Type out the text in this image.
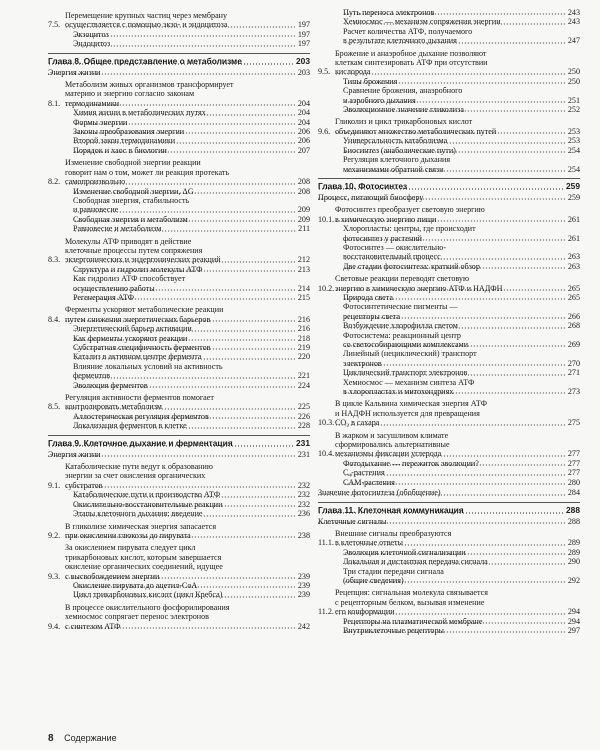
7.5.
Перемещение крупных частиц через мембрану
осуществляется с помощью экзо- и эндоцитоза	197
Экзоцитоз	197
Эндоцитоз	197
Глава 8. Общее представление о метаболизме	203
Энергия жизни	203
8.1.
Метаболизм живых организмов трансформирует
материю и энергию согласно законам
термодинамики	204
Химия жизни в метаболических путях	204
Формы энергии	204
Законы преобразования энергии	206
Второй закон термодинамики	206
Порядок и хаос в биологии	207
8.2.
Изменение свободной энергии реакции
говорит нам о том, может ли реакция протекать
самопроизвольно	208
Изменение свободной энергии, ΔG	208
Свободная энергия, стабильность
и равновесие	209
Свободная энергия и метаболизм	209
Равновесие и метаболизм	211
8.3.
Молекулы АТФ приводят в действие
клеточные процессы путем сопряжения
экзергонических и эндергонических реакций	212
Структура и гидролиз молекулы АТФ	213
Как гидролиз АТФ способствует
осуществлению работы	214
Регенерация АТФ	215
8.4.
Ферменты ускоряют метаболические реакции
путем снижения энергетических барьеров	216
Энергетический барьер активации	216
Как ферменты ускоряют реакции	218
Субстратная специфичность ферментов	219
Катализ в активном центре фермента	220
Влияние локальных условий на активность
ферментов	221
Эволюция ферментов	224
8.5.
Регуляция активности ферментов помогает
контролировать метаболизм	225
Аллостерическая регуляция ферментов	226
Локализация ферментов в клетке	228
Глава 9. Клеточное дыхание и ферментация	231
Энергия жизни	231
9.1.
Катаболические пути ведут к образованию
энергии за счет окисления органических
субстратов	232
Катаболические пути и производство АТФ	232
Окислительно-восстановительные реакции	232
Этапы клеточного дыхания: введение	236
9.2.
В гликолизе химическая энергия запасается
при окислении глюкозы до пирувата	238
9.3.
За окислением пирувата следует цикл
трикарбоновых кислот, которым завершается
окисление органических соединений, идущее
с высвобождением энергии	239
Окисление пирувата до ацетил-СоА	239
Цикл трикарбоновых кислот (цикл Кребса)	239
9.4.
В процессе окислительного фосфорилирования
хемиосмос сопрягает перенос электронов
с синтезом АТФ	242
Путь переноса электронов	243
Хемиосмос — механизм сопряжения энергии	243
Расчет количества АТФ, получаемого
в результате клеточного дыхания	247
9.5.
Брожение и анаэробное дыхание позволяют
клеткам синтезировать АТФ при отсутствии
кислорода	250
Типы брожения	250
Сравнение брожения, анаэробного
и аэробного дыхания	251
Эволюционное значение гликолиза	252
9.6.
Гликолиз и цикл трикарбоновых кислот
объединяют множество метаболических путей	253
Универсальность катаболизма	253
Биосинтез (анаболические пути)	254
Регуляция клеточного дыхания
механизмами обратной связи	254
Глава 10. Фотосинтез	259
Процесс, питающий биосферу	259
10.1.
Фотосинтез преобразует световую энергию
в химическую энергию пищи	261
Хлоропласты: центры, где происходит
фотосинтез у растений	261
Фотосинтез — окислительно-
восстановительный процесс	263
Две стадии фотосинтеза: краткий обзор	263
10.2.
Световые реакции переводят световую
энергию в химическую энергию АТФ и НАДФН	265
Природа света	265
Фотосинтетические пигменты —
рецепторы света	266
Возбуждение хлорофилла светом	268
Фотосистема: реакционный центр
со светособирающими комплексами	269
Линейный (нециклический) транспорт
электронов	270
Циклический транспорт электронов	271
Хемиосмос — механизм синтеза АТФ
в хлоропластах и митохондриях	273
10.3.
В цикле Кальвина химическая энергия АТФ
и НАДФН используется для превращения
CO₂ в сахара	275
10.4.
В жарком и засушливом климате
сформировались альтернативные
механизмы фиксации углерода	277
Фотодыхание — пережиток эволюции?	277
C₄-растения	277
CAM-растения	280
Значение фотосинтеза (обобщение)	284
Глава 11. Клеточная коммуникация	288
Клеточные сигналы	288
11.1.
Внешние сигналы преобразуются
в клеточные ответы	289
Эволюция клеточной сигнализации	289
Локальная и дистантная передача сигнала	290
Три стадии передачи сигнала
(общие сведения)	292
11.2.
Рецепция: сигнальная молекула связывается
с рецепторным белком, вызывая изменение
его конформации	294
Рецепторы на плазматической мембране	294
Внутриклеточные рецепторы	297
8 Содержание
